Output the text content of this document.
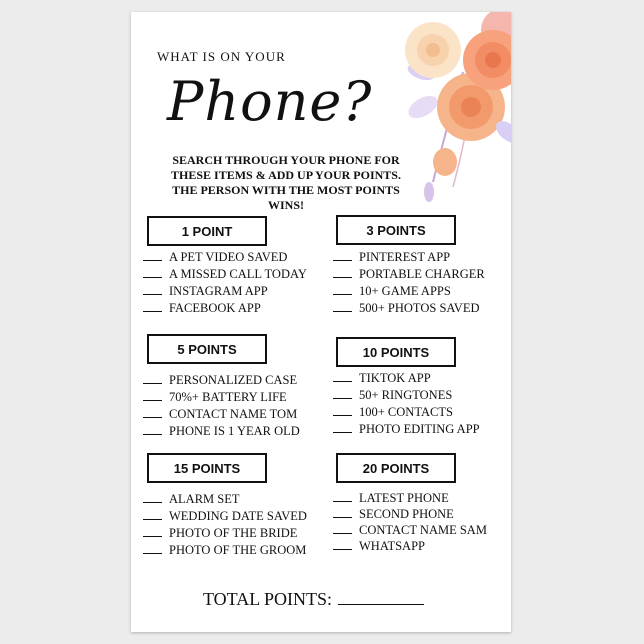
WHAT IS ON YOUR
Phone?
SEARCH THROUGH YOUR PHONE FOR THESE ITEMS & ADD UP YOUR POINTS. THE PERSON WITH THE MOST POINTS WINS!
1 POINT	3 POINTS
5 POINTS	10 POINTS
15 POINTS	20 POINTS
A PET VIDEO SAVED
A MISSED CALL TODAY
INSTAGRAM APP
FACEBOOK APP
PINTEREST APP
PORTABLE CHARGER
10+ GAME APPS
500+ PHOTOS SAVED
PERSONALIZED CASE
70%+ BATTERY LIFE
CONTACT NAME TOM
PHONE IS 1 YEAR OLD
TIKTOK APP
50+ RINGTONES
100+ CONTACTS
PHOTO EDITING APP
ALARM SET
WEDDING DATE SAVED
PHOTO OF THE BRIDE
PHOTO OF THE GROOM
LATEST PHONE
SECOND PHONE
CONTACT NAME SAM
WHATSAPP
TOTAL POINTS:
